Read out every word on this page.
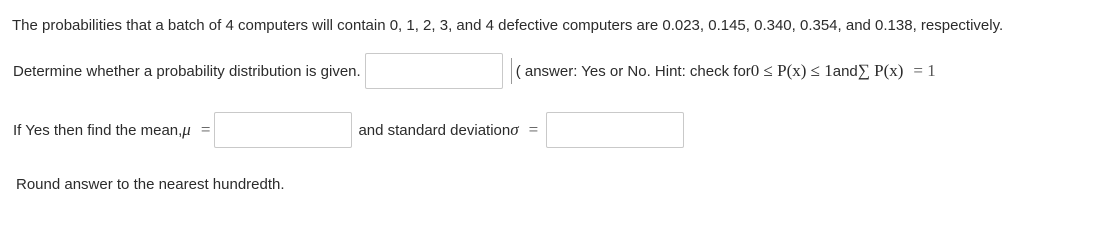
The probabilities that a batch of 4 computers will contain 0, 1, 2, 3, and 4 defective computers are 0.023, 0.145, 0.340, 0.354, and 0.138, respectively.
Determine whether a probability distribution is given.	( answer: Yes or No. Hint: check for 0 ≤ P(x) ≤ 1 and ∑ P(x) = 1
If Yes then find the mean, μ =	and standard deviation σ =
Round answer to the nearest hundredth.
